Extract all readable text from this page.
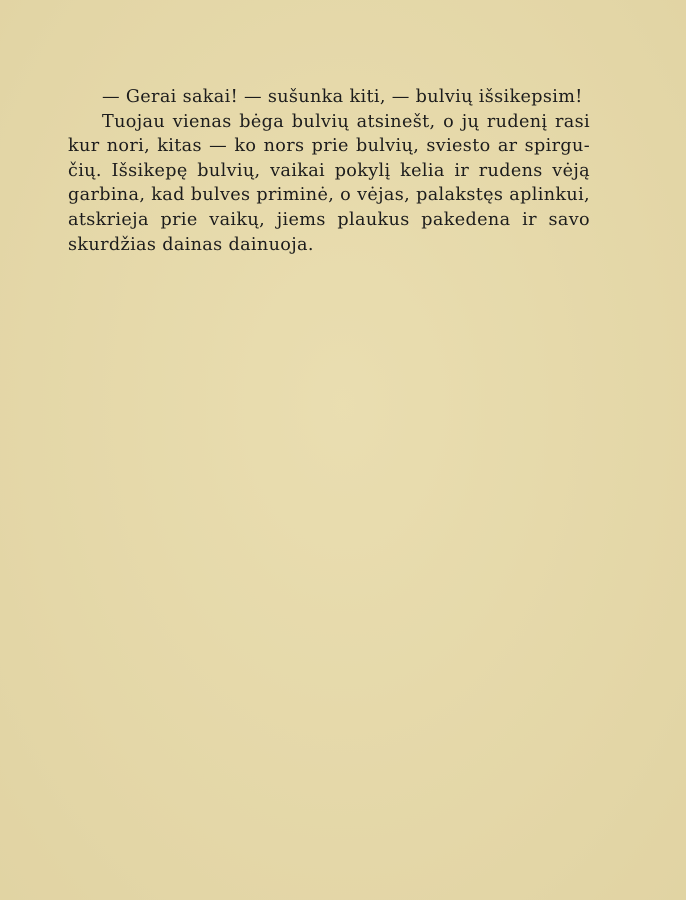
— Gerai sakai! — sušunka kiti, — bulvių išsikepsim!
Tuojau vienas bėga bulvių atsinešt, o jų rudenį rasi
kur nori, kitas — ko nors prie bulvių, sviesto ar spirgu-
čių. Išsikepę bulvių, vaikai pokylį kelia ir rudens vėją
garbina, kad bulves priminė, o vėjas, palakstęs aplinkui,
atskrieja prie vaikų, jiems plaukus pakedena ir savo
skurdžias dainas dainuoja.
